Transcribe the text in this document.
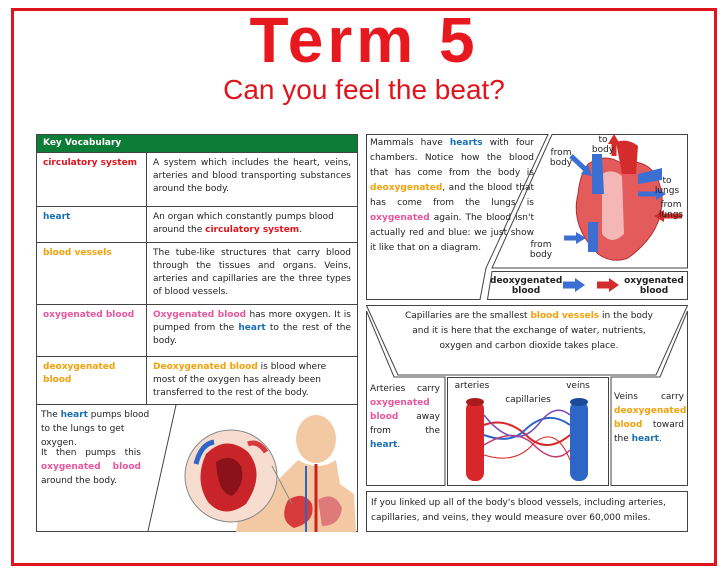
Term 5
Can you feel the beat?
Key Vocabulary	
circulatory system	A system which includes the heart, veins, arteries and blood transporting substances around the body.
heart	An organ which constantly pumps blood around the circulatory system.
blood vessels	The tube-like structures that carry blood through the tissues and organs. Veins, arteries and capillaries are the three types of blood vessels.
oxygenated blood	Oxygenated blood has more oxygen. It is pumped from the heart to the rest of the body.
deoxygenated blood	Deoxygenated blood is blood where most of the oxygen has already been transferred to the rest of the body.
The heart pumps blood to the lungs to get oxygen.
It then pumps this oxygenated blood around the body.
Mammals have hearts with four chambers. Notice how the blood that has come from the body is deoxygenated, and the blood that has come from the lungs is oxygenated again. The blood isn't actually red and blue: we just show it like that on a diagram.
from body
to body
to lungs
from lungs
from body
deoxygenated blood
oxygenated blood
Capillaries are the smallest blood vessels in the body and it is here that the exchange of water, nutrients, oxygen and carbon dioxide takes place.
Arteries carry oxygenated blood away from the heart.
arteries
capillaries
veins
Veins carry deoxygenated blood toward the heart.
If you linked up all of the body's blood vessels, including arteries, capillaries, and veins, they would measure over 60,000 miles.
